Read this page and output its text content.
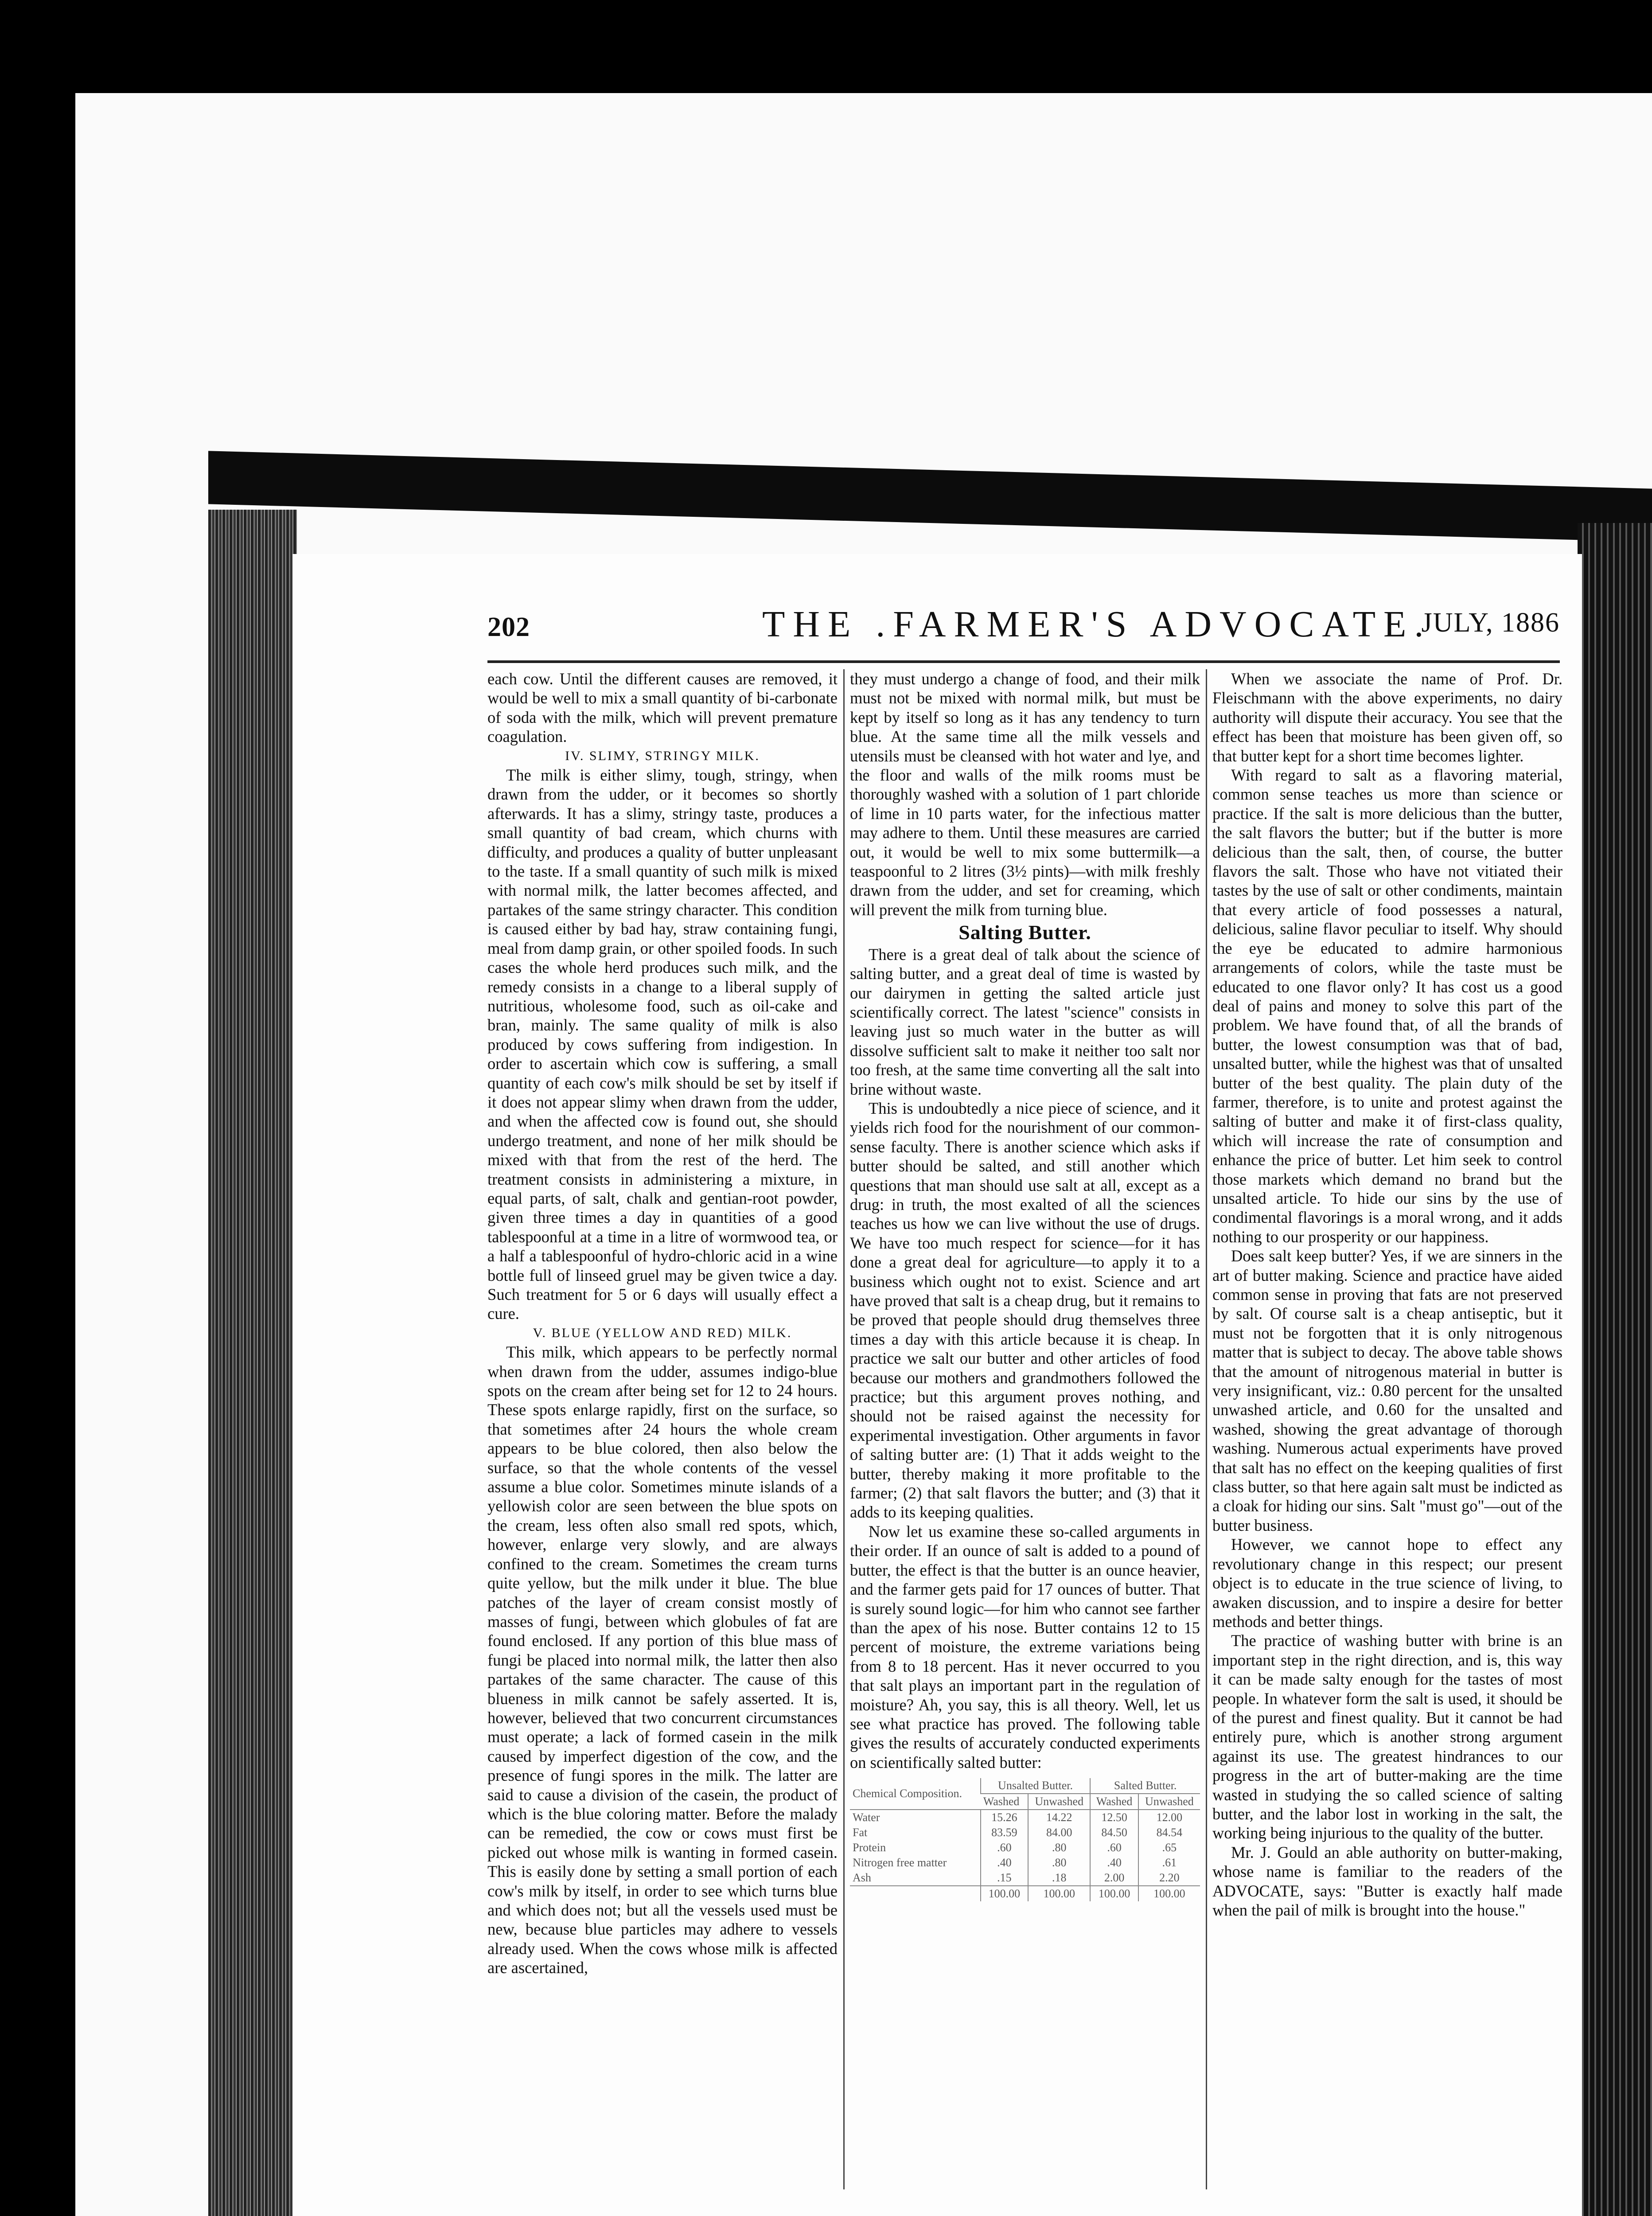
202	THE .FARMER'S ADVOCATE.
JULY, 1886

each cow. Until the different causes are removed, it would be well to mix a small quantity of bi-carbonate of soda with the milk, which will prevent premature coagulation.

IV. SLIMY, STRINGY MILK.

The milk is either slimy, tough, stringy, when drawn from the udder, or it becomes so shortly afterwards. It has a slimy, stringy taste, produces a small quantity of bad cream, which churns with difficulty, and produces a quality of butter unpleasant to the taste. If a small quantity of such milk is mixed with normal milk, the latter becomes affected, and partakes of the same stringy character. This condition is caused either by bad hay, straw containing fungi, meal from damp grain, or other spoiled foods. In such cases the whole herd produces such milk, and the remedy consists in a change to a liberal supply of nutritious, wholesome food, such as oil-cake and bran, mainly. The same quality of milk is also produced by cows suffering from indigestion. In order to ascertain which cow is suffering, a small quantity of each cow's milk should be set by itself if it does not appear slimy when drawn from the udder, and when the affected cow is found out, she should undergo treatment, and none of her milk should be mixed with that from the rest of the herd. The treatment consists in administering a mixture, in equal parts, of salt, chalk and gentian-root powder, given three times a day in quantities of a good tablespoonful at a time in a litre of wormwood tea, or a half a tablespoonful of hydro-chloric acid in a wine bottle full of linseed gruel may be given twice a day. Such treatment for 5 or 6 days will usually effect a cure.

V. BLUE (YELLOW AND RED) MILK.

This milk, which appears to be perfectly normal when drawn from the udder, assumes indigo-blue spots on the cream after being set for 12 to 24 hours. These spots enlarge rapidly, first on the surface, so that sometimes after 24 hours the whole cream appears to be blue colored, then also below the surface, so that the whole contents of the vessel assume a blue color. Sometimes minute islands of a yellowish color are seen between the blue spots on the cream, less often also small red spots, which, however, enlarge very slowly, and are always confined to the cream. Sometimes the cream turns quite yellow, but the milk under it blue. The blue patches of the layer of cream consist mostly of masses of fungi, between which globules of fat are found enclosed. If any portion of this blue mass of fungi be placed into normal milk, the latter then also partakes of the same character. The cause of this blueness in milk cannot be safely asserted. It is, however, believed that two concurrent circumstances must operate; a lack of formed casein in the milk caused by imperfect digestion of the cow, and the presence of fungi spores in the milk. The latter are said to cause a division of the casein, the product of which is the blue coloring matter. Before the malady can be remedied, the cow or cows must first be picked out whose milk is wanting in formed casein. This is easily done by setting a small portion of each cow's milk by itself, in order to see which turns blue and which does not; but all the vessels used must be new, because blue particles may adhere to vessels already used. When the cows whose milk is affected are ascertained,

they must undergo a change of food, and their milk must not be mixed with normal milk, but must be kept by itself so long as it has any tendency to turn blue. At the same time all the milk vessels and utensils must be cleansed with hot water and lye, and the floor and walls of the milk rooms must be thoroughly washed with a solution of 1 part chloride of lime in 10 parts water, for the infectious matter may adhere to them. Until these measures are carried out, it would be well to mix some buttermilk—a teaspoonful to 2 litres (3½ pints)—with milk freshly drawn from the udder, and set for creaming, which will prevent the milk from turning blue.

Salting Butter.

There is a great deal of talk about the science of salting butter, and a great deal of time is wasted by our dairymen in getting the salted article just scientifically correct. The latest "science" consists in leaving just so much water in the butter as will dissolve sufficient salt to make it neither too salt nor too fresh, at the same time converting all the salt into brine without waste.

This is undoubtedly a nice piece of science, and it yields rich food for the nourishment of our common-sense faculty. There is another science which asks if butter should be salted, and still another which questions that man should use salt at all, except as a drug: in truth, the most exalted of all the sciences teaches us how we can live without the use of drugs. We have too much respect for science—for it has done a great deal for agriculture—to apply it to a business which ought not to exist. Science and art have proved that salt is a cheap drug, but it remains to be proved that people should drug themselves three times a day with this article because it is cheap. In practice we salt our butter and other articles of food because our mothers and grandmothers followed the practice; but this argument proves nothing, and should not be raised against the necessity for experimental investigation. Other arguments in favor of salting butter are: (1) That it adds weight to the butter, thereby making it more profitable to the farmer; (2) that salt flavors the butter; and (3) that it adds to its keeping qualities.

Now let us examine these so-called arguments in their order. If an ounce of salt is added to a pound of butter, the effect is that the butter is an ounce heavier, and the farmer gets paid for 17 ounces of butter. That is surely sound logic—for him who cannot see farther than the apex of his nose. Butter contains 12 to 15 percent of moisture, the extreme variations being from 8 to 18 percent. Has it never occurred to you that salt plays an important part in the regulation of moisture? Ah, you say, this is all theory. Well, let us see what practice has proved. The following table gives the results of accurately conducted experiments on scientifically salted butter:

Chemical Composition.	Unsalted Butter.		Salted Butter.	
	Washed	Unwashed	Washed	Unwashed
Water	15.26	14.22	12.50	12.00
Fat	83.59	84.00	84.50	84.54
Protein	.60	.80	.60	.65
Nitrogen free matter	.40	.80	.40	.61
Ash	.15	.18	2.00	2.20
	100.00	100.00	100.00	100.00

When we associate the name of Prof. Dr. Fleischmann with the above experiments, no dairy authority will dispute their accuracy. You see that the effect has been that moisture has been given off, so that butter kept for a short time becomes lighter.

With regard to salt as a flavoring material, common sense teaches us more than science or practice. If the salt is more delicious than the butter, the salt flavors the butter; but if the butter is more delicious than the salt, then, of course, the butter flavors the salt. Those who have not vitiated their tastes by the use of salt or other condiments, maintain that every article of food possesses a natural, delicious, saline flavor peculiar to itself. Why should the eye be educated to admire harmonious arrangements of colors, while the taste must be educated to one flavor only? It has cost us a good deal of pains and money to solve this part of the problem. We have found that, of all the brands of butter, the lowest consumption was that of bad, unsalted butter, while the highest was that of unsalted butter of the best quality. The plain duty of the farmer, therefore, is to unite and protest against the salting of butter and make it of first-class quality, which will increase the rate of consumption and enhance the price of butter. Let him seek to control those markets which demand no brand but the unsalted article. To hide our sins by the use of condimental flavorings is a moral wrong, and it adds nothing to our prosperity or our happiness.

Does salt keep butter? Yes, if we are sinners in the art of butter making. Science and practice have aided common sense in proving that fats are not preserved by salt. Of course salt is a cheap antiseptic, but it must not be forgotten that it is only nitrogenous matter that is subject to decay. The above table shows that the amount of nitrogenous material in butter is very insignificant, viz.: 0.80 percent for the unsalted unwashed article, and 0.60 for the unsalted and washed, showing the great advantage of thorough washing. Numerous actual experiments have proved that salt has no effect on the keeping qualities of first class butter, so that here again salt must be indicted as a cloak for hiding our sins. Salt "must go"—out of the butter business.

However, we cannot hope to effect any revolutionary change in this respect; our present object is to educate in the true science of living, to awaken discussion, and to inspire a desire for better methods and better things.

The practice of washing butter with brine is an important step in the right direction, and is, this way it can be made salty enough for the tastes of most people. In whatever form the salt is used, it should be of the purest and finest quality. But it cannot be had entirely pure, which is another strong argument against its use. The greatest hindrances to our progress in the art of butter-making are the time wasted in studying the so called science of salting butter, and the labor lost in working in the salt, the working being injurious to the quality of the butter.

Mr. J. Gould an able authority on butter-making, whose name is familiar to the readers of the ADVOCATE, says: "Butter is exactly half made when the pail of milk is brought into the house."
